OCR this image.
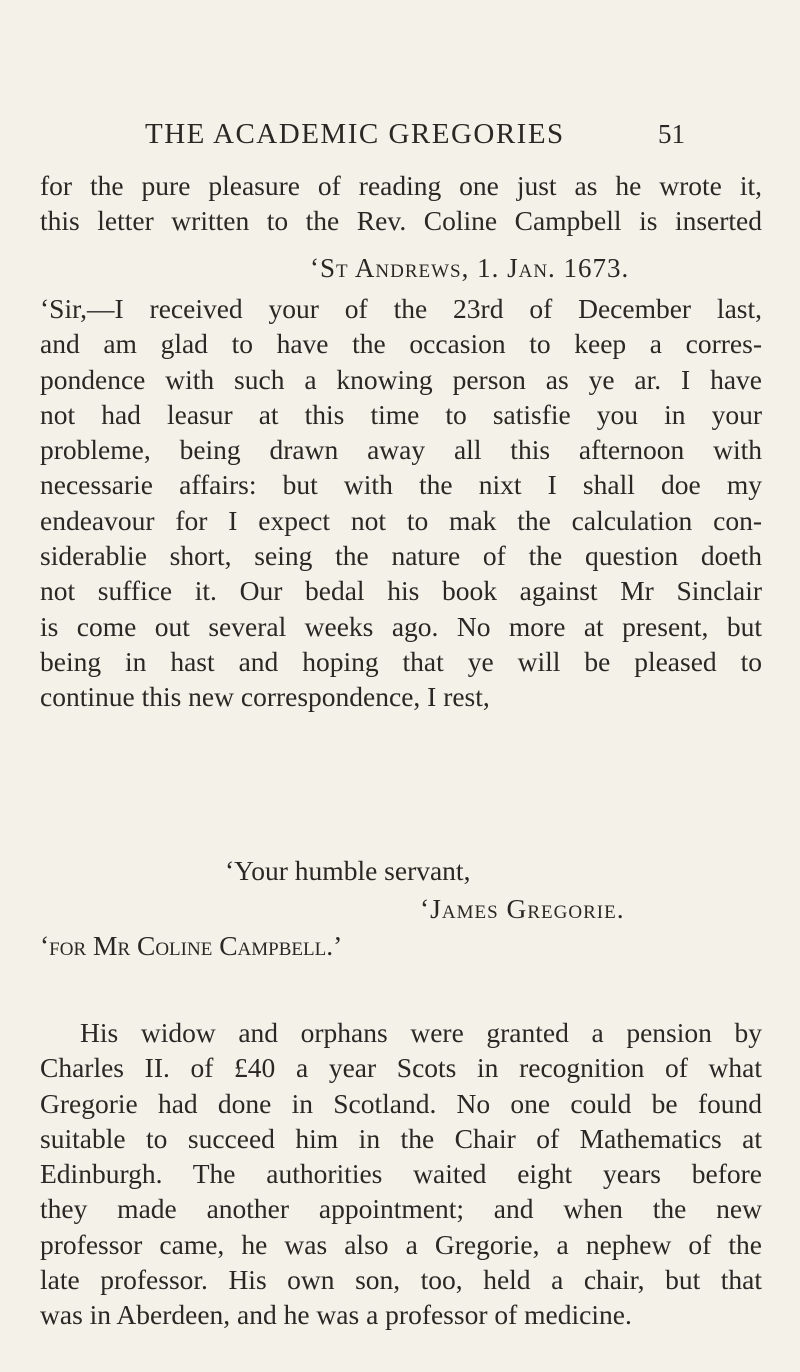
THE ACADEMIC GREGORIES	51
for the pure pleasure of reading one just as he wrote it,
this letter written to the Rev. Coline Campbell is inserted
‘St Andrews, 1. Jan. 1673.
‘Sir,—I received your of the 23rd of December last,
and am glad to have the occasion to keep a corres-
pondence with such a knowing person as ye ar. I have
not had leasur at this time to satisfie you in your
probleme, being drawn away all this afternoon with
necessarie affairs: but with the nixt I shall doe my
endeavour for I expect not to mak the calculation con-
siderablie short, seing the nature of the question doeth
not suffice it. Our bedal his book against Mr Sinclair
is come out several weeks ago. No more at present, but
being in hast and hoping that ye will be pleased to
continue this new correspondence, I rest,
‘Your humble servant,
‘James Gregorie.
‘for Mr Coline Campbell.’
His widow and orphans were granted a pension by
Charles II. of £40 a year Scots in recognition of what
Gregorie had done in Scotland. No one could be found
suitable to succeed him in the Chair of Mathematics at
Edinburgh. The authorities waited eight years before
they made another appointment; and when the new
professor came, he was also a Gregorie, a nephew of the
late professor. His own son, too, held a chair, but that
was in Aberdeen, and he was a professor of medicine.
